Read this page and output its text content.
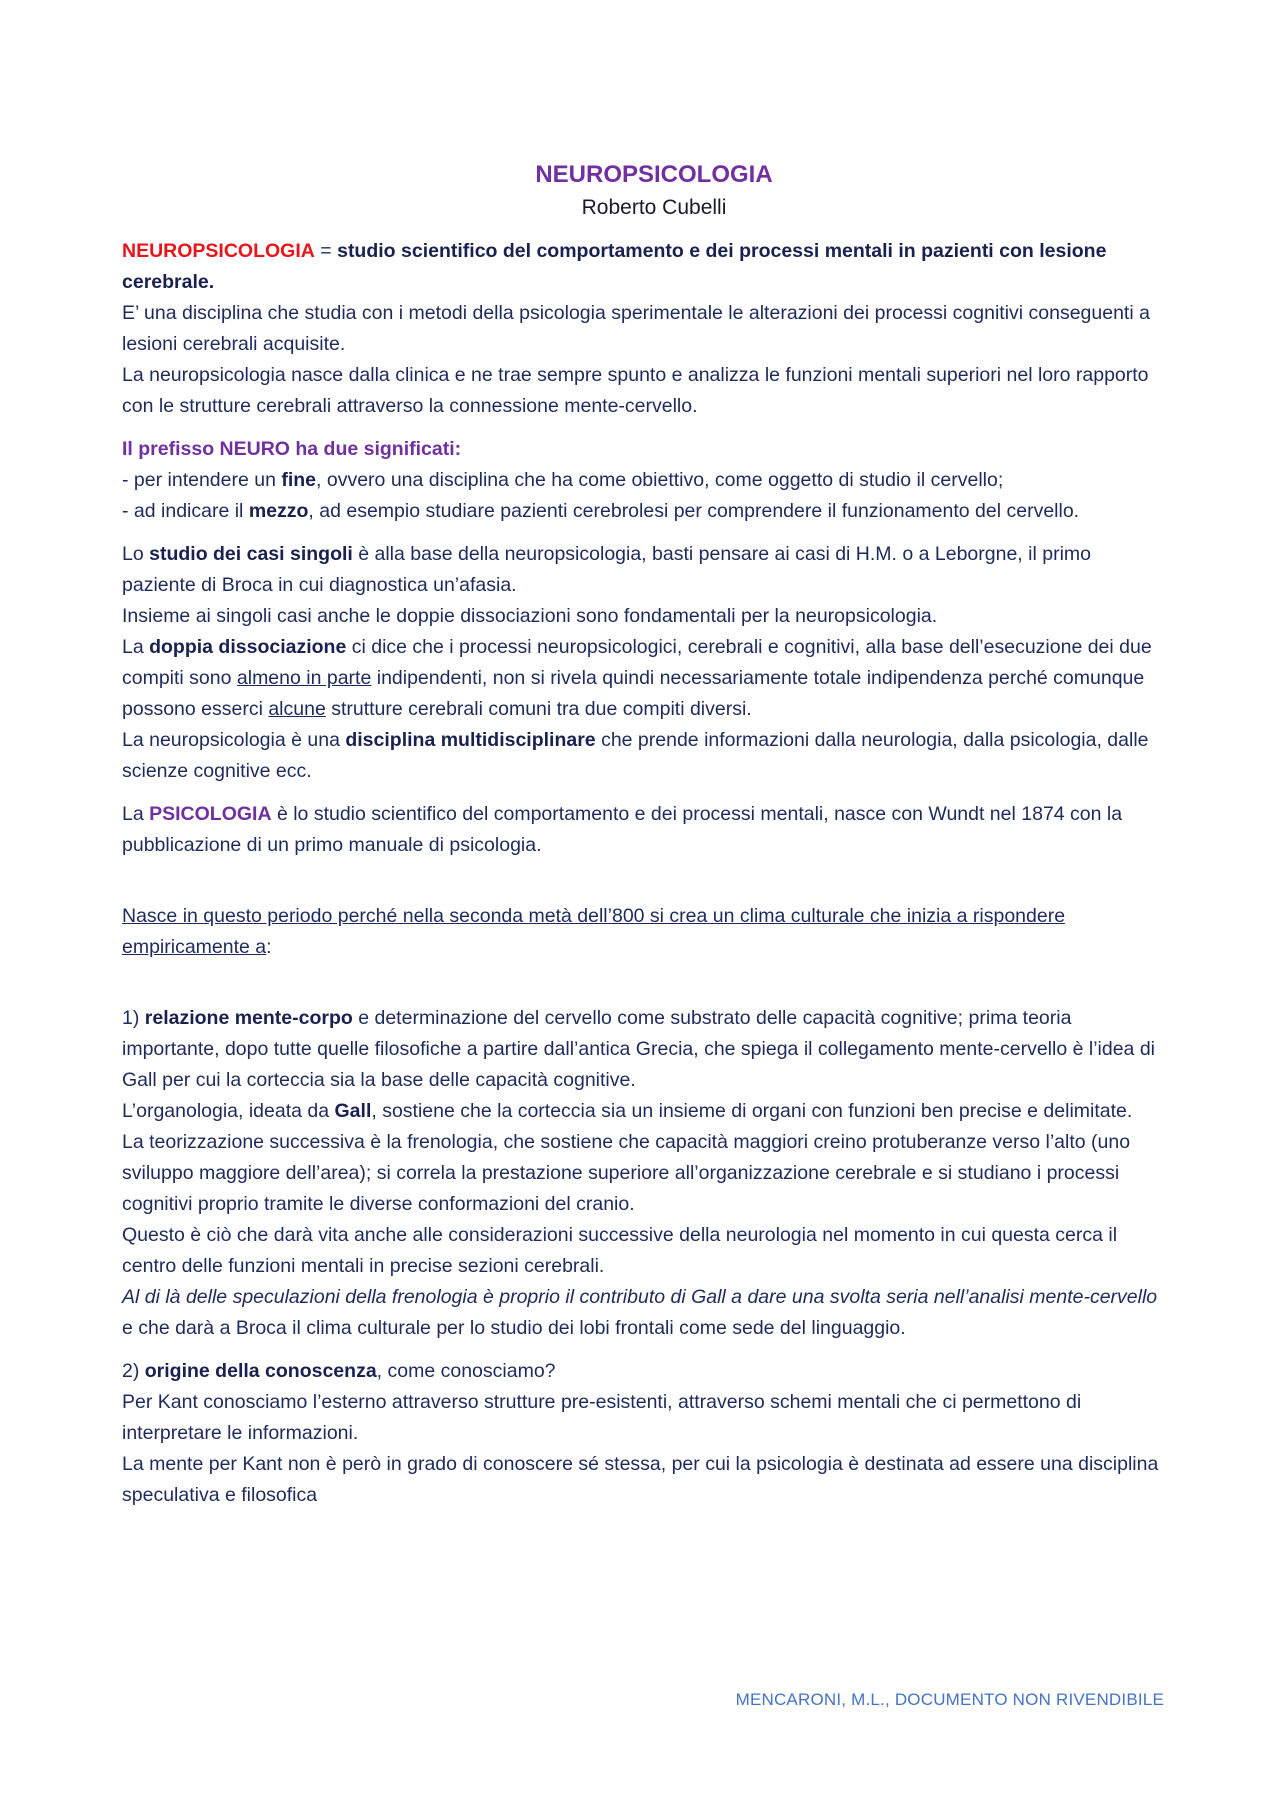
NEUROPSICOLOGIA
Roberto Cubelli

NEUROPSICOLOGIA = studio scientifico del comportamento e dei processi mentali in pazienti con lesione cerebrale.
E’ una disciplina che studia con i metodi della psicologia sperimentale le alterazioni dei processi cognitivi conseguenti a lesioni cerebrali acquisite.
La neuropsicologia nasce dalla clinica e ne trae sempre spunto e analizza le funzioni mentali superiori nel loro rapporto con le strutture cerebrali attraverso la connessione mente-cervello.

Il prefisso NEURO ha due significati:
- per intendere un fine, ovvero una disciplina che ha come obiettivo, come oggetto di studio il cervello;
- ad indicare il mezzo, ad esempio studiare pazienti cerebrolesi per comprendere il funzionamento del cervello.

Lo studio dei casi singoli è alla base della neuropsicologia, basti pensare ai casi di H.M. o a Leborgne, il primo paziente di Broca in cui diagnostica un’afasia.
Insieme ai singoli casi anche le doppie dissociazioni sono fondamentali per la neuropsicologia.
La doppia dissociazione ci dice che i processi neuropsicologici, cerebrali e cognitivi, alla base dell’esecuzione dei due compiti sono almeno in parte indipendenti, non si rivela quindi necessariamente totale indipendenza perché comunque possono esserci alcune strutture cerebrali comuni tra due compiti diversi.
La neuropsicologia è una disciplina multidisciplinare che prende informazioni dalla neurologia, dalla psicologia, dalle scienze cognitive ecc.

La PSICOLOGIA è lo studio scientifico del comportamento e dei processi mentali, nasce con Wundt nel 1874 con la pubblicazione di un primo manuale di psicologia.

Nasce in questo periodo perché nella seconda metà dell’800 si crea un clima culturale che inizia a rispondere empiricamente a:

1) relazione mente-corpo e determinazione del cervello come substrato delle capacità cognitive; prima teoria importante, dopo tutte quelle filosofiche a partire dall’antica Grecia, che spiega il collegamento mente-cervello è l’idea di Gall per cui la corteccia sia la base delle capacità cognitive.
L’organologia, ideata da Gall, sostiene che la corteccia sia un insieme di organi con funzioni ben precise e delimitate.
La teorizzazione successiva è la frenologia, che sostiene che capacità maggiori creino protuberanze verso l’alto (uno sviluppo maggiore dell’area); si correla la prestazione superiore all’organizzazione cerebrale e si studiano i processi cognitivi proprio tramite le diverse conformazioni del cranio.
Questo è ciò che darà vita anche alle considerazioni successive della neurologia nel momento in cui questa cerca il centro delle funzioni mentali in precise sezioni cerebrali.
Al di là delle speculazioni della frenologia è proprio il contributo di Gall a dare una svolta seria nell’analisi mente-cervello e che darà a Broca il clima culturale per lo studio dei lobi frontali come sede del linguaggio.

2) origine della conoscenza, come conosciamo?
Per Kant conosciamo l’esterno attraverso strutture pre-esistenti, attraverso schemi mentali che ci permettono di interpretare le informazioni.
La mente per Kant non è però in grado di conoscere sé stessa, per cui la psicologia è destinata ad essere una disciplina speculativa e filosofica

MENCARONI, M.L., DOCUMENTO NON RIVENDIBILE
